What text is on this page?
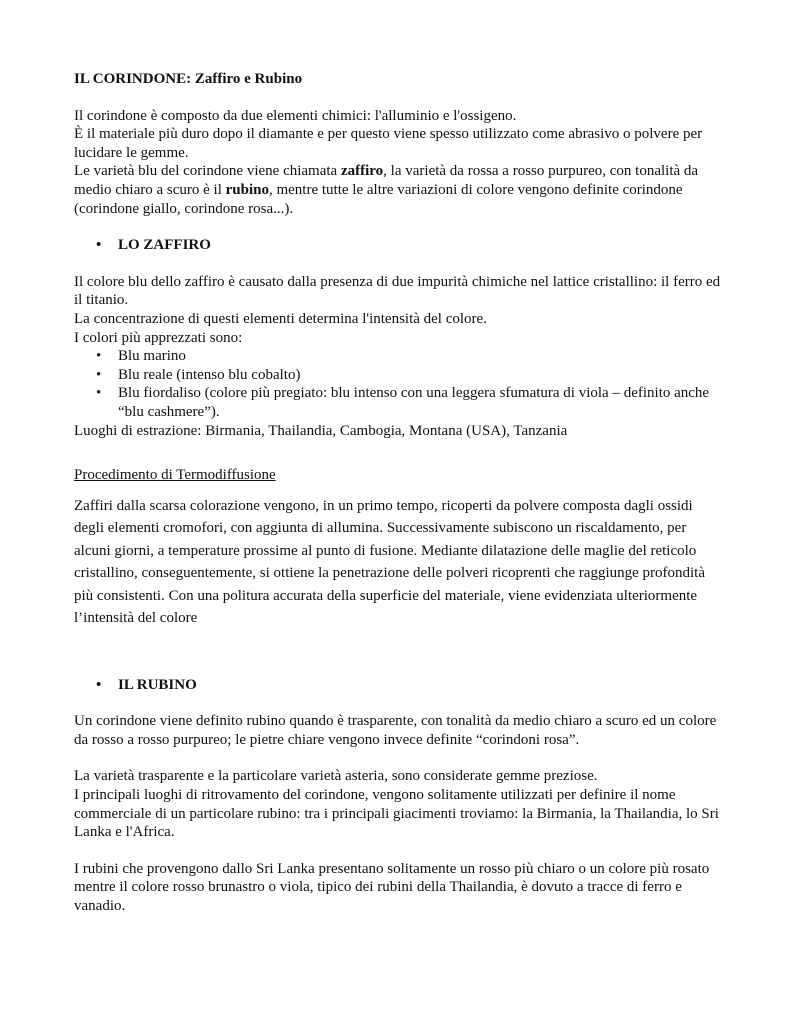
IL CORINDONE: Zaffiro e Rubino

Il corindone è composto da due elementi chimici: l'alluminio e l'ossigeno.
È il materiale più duro dopo il diamante e per questo viene spesso utilizzato come abrasivo o polvere per lucidare le gemme.
Le varietà blu del corindone viene chiamata zaffiro, la varietà da rossa a rosso purpureo, con tonalità da medio chiaro a scuro è il rubino, mentre tutte le altre variazioni di colore vengono definite corindone (corindone giallo, corindone rosa...).

• LO ZAFFIRO

Il colore blu dello zaffiro è causato dalla presenza di due impurità chimiche nel lattice cristallino: il ferro ed il titanio.
La concentrazione di questi elementi determina l'intensità del colore.
I colori più apprezzati sono:
• Blu marino
• Blu reale (intenso blu cobalto)
• Blu fiordaliso (colore più pregiato: blu intenso con una leggera sfumatura di viola – definito anche “blu cashmere”).

Luoghi di estrazione: Birmania, Thailandia, Cambogia, Montana (USA), Tanzania

Procedimento di Termodiffusione

Zaffiri dalla scarsa colorazione vengono, in un primo tempo, ricoperti da polvere composta dagli ossidi degli elementi cromofori, con aggiunta di allumina. Successivamente subiscono un riscaldamento, per alcuni giorni, a temperature prossime al punto di fusione. Mediante dilatazione delle maglie del reticolo cristallino, conseguentemente, si ottiene la penetrazione delle polveri ricoprenti che raggiunge profondità più consistenti. Con una politura accurata della superficie del materiale, viene evidenziata ulteriormente l’intensità del colore

• IL RUBINO

Un corindone viene definito rubino quando è trasparente, con tonalità da medio chiaro a scuro ed un colore da rosso a rosso purpureo; le pietre chiare vengono invece definite “corindoni rosa”.

La varietà trasparente e la particolare varietà asteria, sono considerate gemme preziose.
I principali luoghi di ritrovamento del corindone, vengono solitamente utilizzati per definire il nome commerciale di un particolare rubino: tra i principali giacimenti troviamo: la Birmania, la Thailandia, lo Sri Lanka e l'Africa.

I rubini che provengono dallo Sri Lanka presentano solitamente un rosso più chiaro o un colore più rosato mentre il colore rosso brunastro o viola, tipico dei rubini della Thailandia, è dovuto a tracce di ferro e vanadio.
